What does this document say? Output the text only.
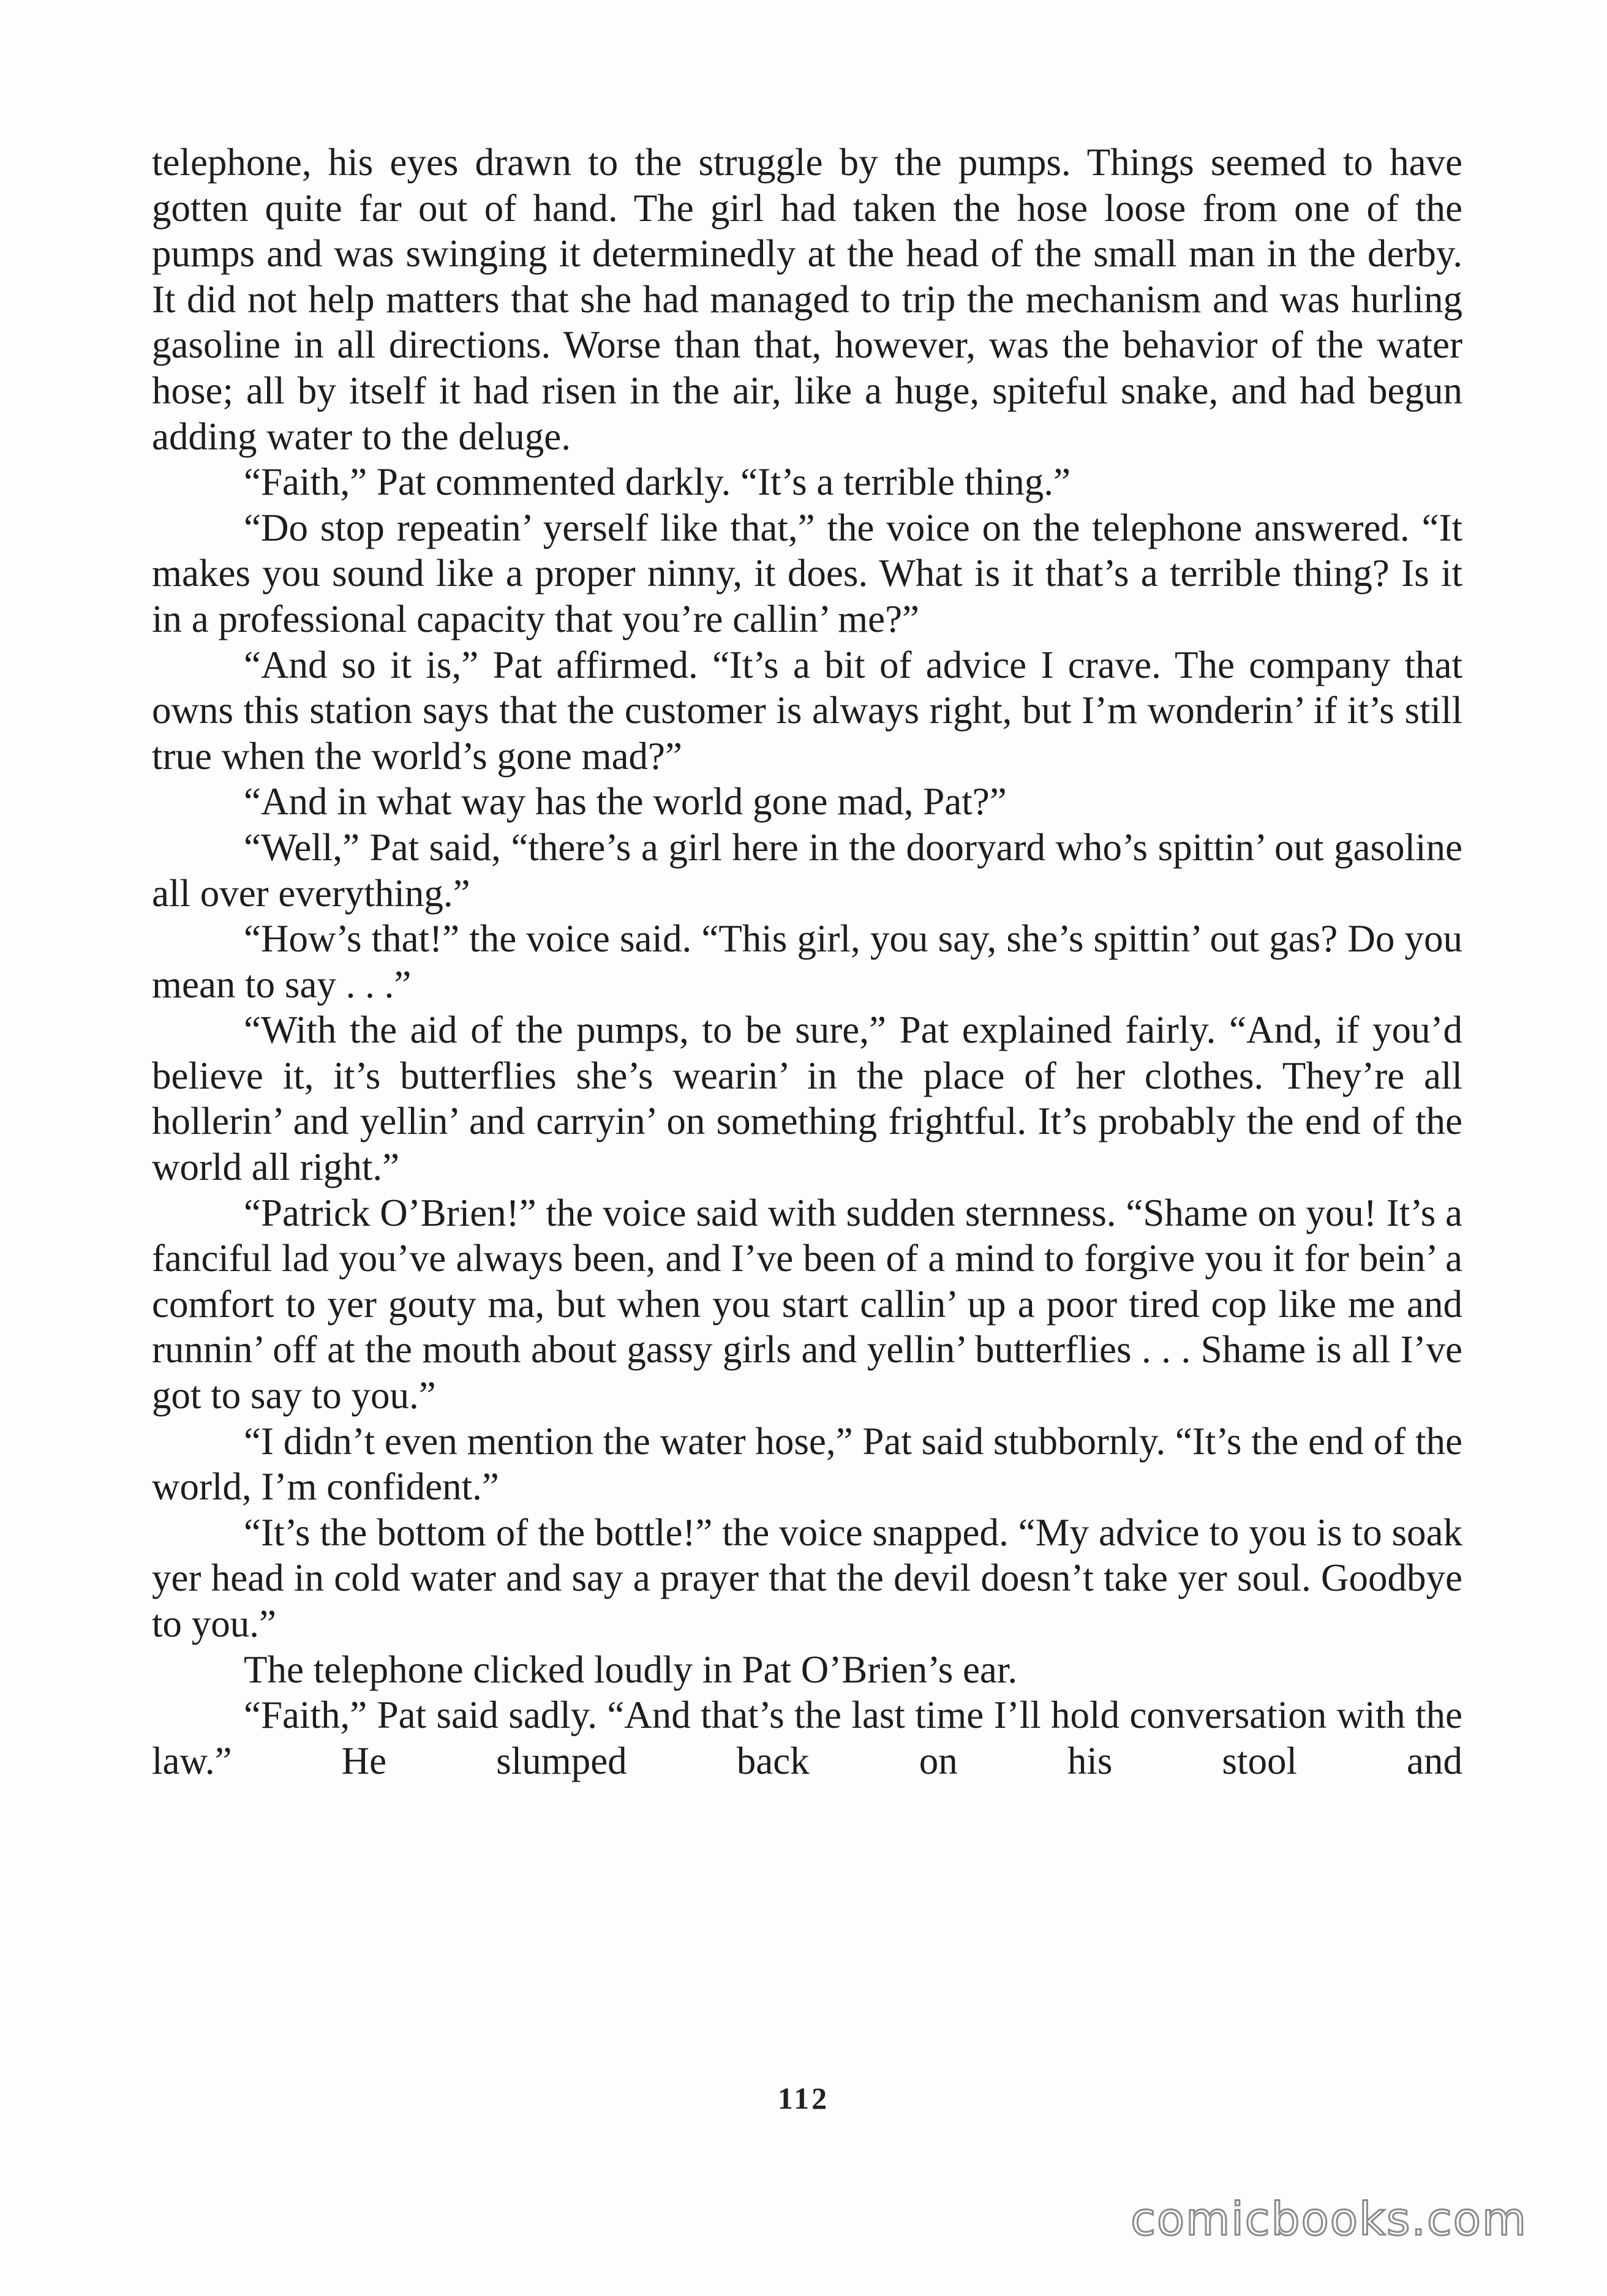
telephone, his eyes drawn to the struggle by the pumps. Things seemed to have gotten quite far out of hand. The girl had taken the hose loose from one of the pumps and was swinging it determinedly at the head of the small man in the derby. It did not help matters that she had managed to trip the mechanism and was hurling gasoline in all directions. Worse than that, however, was the behavior of the water hose; all by itself it had risen in the air, like a huge, spiteful snake, and had begun adding water to the deluge.

“Faith,” Pat commented darkly. “It’s a terrible thing.”

“Do stop repeatin’ yerself like that,” the voice on the telephone answered. “It makes you sound like a proper ninny, it does. What is it that’s a terrible thing? Is it in a professional capacity that you’re callin’ me?”

“And so it is,” Pat affirmed. “It’s a bit of advice I crave. The company that owns this station says that the customer is always right, but I’m wonderin’ if it’s still true when the world’s gone mad?”

“And in what way has the world gone mad, Pat?”

“Well,” Pat said, “there’s a girl here in the dooryard who’s spittin’ out gasoline all over everything.”

“How’s that!” the voice said. “This girl, you say, she’s spittin’ out gas? Do you mean to say . . .”

“With the aid of the pumps, to be sure,” Pat explained fairly. “And, if you’d believe it, it’s butterflies she’s wearin’ in the place of her clothes. They’re all hollerin’ and yellin’ and carryin’ on something frightful. It’s probably the end of the world all right.”

“Patrick O’Brien!” the voice said with sudden sternness. “Shame on you! It’s a fanciful lad you’ve always been, and I’ve been of a mind to forgive you it for bein’ a comfort to yer gouty ma, but when you start callin’ up a poor tired cop like me and runnin’ off at the mouth about gassy girls and yellin’ butterflies . . . Shame is all I’ve got to say to you.”

“I didn’t even mention the water hose,” Pat said stubbornly. “It’s the end of the world, I’m confident.”

“It’s the bottom of the bottle!” the voice snapped. “My advice to you is to soak yer head in cold water and say a prayer that the devil doesn’t take yer soul. Goodbye to you.”

The telephone clicked loudly in Pat O’Brien’s ear.

“Faith,” Pat said sadly. “And that’s the last time I’ll hold conversation with the law.” He slumped back on his stool and

112
comicbooks.com
